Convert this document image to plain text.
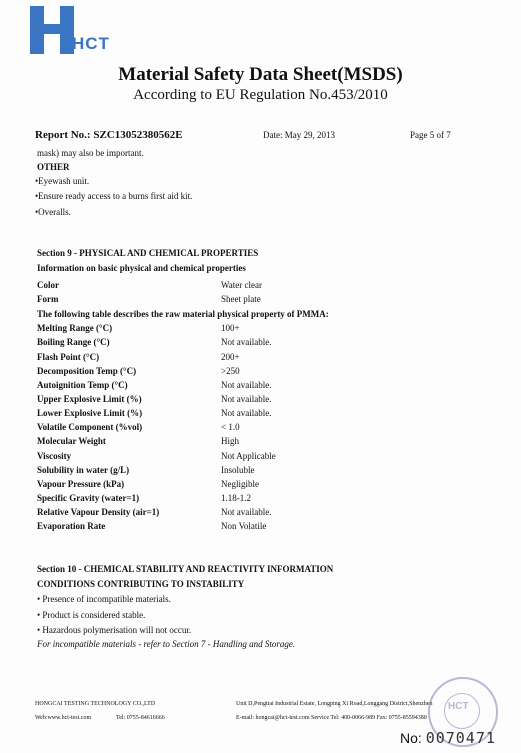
HCT
Material Safety Data Sheet(MSDS)
According to EU Regulation No.453/2010
Report No.: SZC13052380562E	Date: May 29, 2013	Page 5 of 7
mask) may also be important.
OTHER
•Eyewash unit.
•Ensure ready access to a burns first aid kit.
•Overalls.
Section 9 - PHYSICAL AND CHEMICAL PROPERTIES
Information on basic physical and chemical properties
Color	Water clear
Form	Sheet plate
The following table describes the raw material physical property of PMMA:
Melting Range (°C)	100+
Boiling Range (°C)	Not available.
Flash Point (°C)	200+
Decomposition Temp (°C)	>250
Autoignition Temp (°C)	Not available.
Upper Explosive Limit (%)	Not available.
Lower Explosive Limit (%)	Not available.
Volatile Component (%vol)	< 1.0
Molecular Weight	High
Viscosity	Not Applicable
Solubility in water (g/L)	Insoluble
Vapour Pressure (kPa)	Negligible
Specific Gravity (water=1)	1.18-1.2
Relative Vapour Density (air=1)	Not available.
Evaporation Rate	Non Volatile
Section 10 - CHEMICAL STABILITY AND REACTIVITY INFORMATION
CONDITIONS CONTRIBUTING TO INSTABILITY
• Presence of incompatible materials.
• Product is considered stable.
• Hazardous polymerisation will not occur.
For incompatible materials - refer to Section 7 - Handling and Storage.
HONGCAI TESTING TECHNOLOGY CO.,LTD	Unit D,Pengtiai Industrial Estate, Longping Xi Road,Longgang District,Shenzhen
Web:www.hct-test.com	Tel: 0755-84616666	E-mail: hongcai@hct-test.com Service Tel: 400-0066-989 Fax: 0755-85594380
HCT
No: 0070471
